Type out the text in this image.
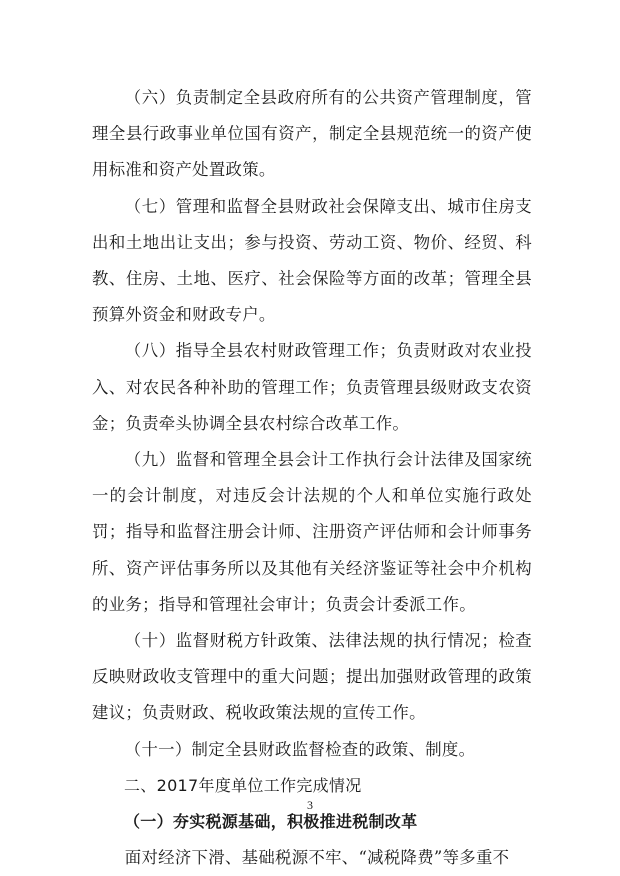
（六）负责制定全县政府所有的公共资产管理制度，管理全县行政事业单位国有资产，制定全县规范统一的资产使用标准和资产处置政策。

（七）管理和监督全县财政社会保障支出、城市住房支出和土地出让支出；参与投资、劳动工资、物价、经贸、科教、住房、土地、医疗、社会保险等方面的改革；管理全县预算外资金和财政专户。

（八）指导全县农村财政管理工作；负责财政对农业投入、对农民各种补助的管理工作；负责管理县级财政支农资金；负责牵头协调全县农村综合改革工作。

（九）监督和管理全县会计工作执行会计法律及国家统一的会计制度，对违反会计法规的个人和单位实施行政处罚；指导和监督注册会计师、注册资产评估师和会计师事务所、资产评估事务所以及其他有关经济鉴证等社会中介机构的业务；指导和管理社会审计；负责会计委派工作。

（十）监督财税方针政策、法律法规的执行情况；检查反映财政收支管理中的重大问题；提出加强财政管理的政策建议；负责财政、税收政策法规的宣传工作。

（十一）制定全县财政监督检查的政策、制度。

二、2017年度单位工作完成情况

（一）夯实税源基础，积极推进税制改革

面对经济下滑、基础税源不牢、“减税降费”等多重不

3
